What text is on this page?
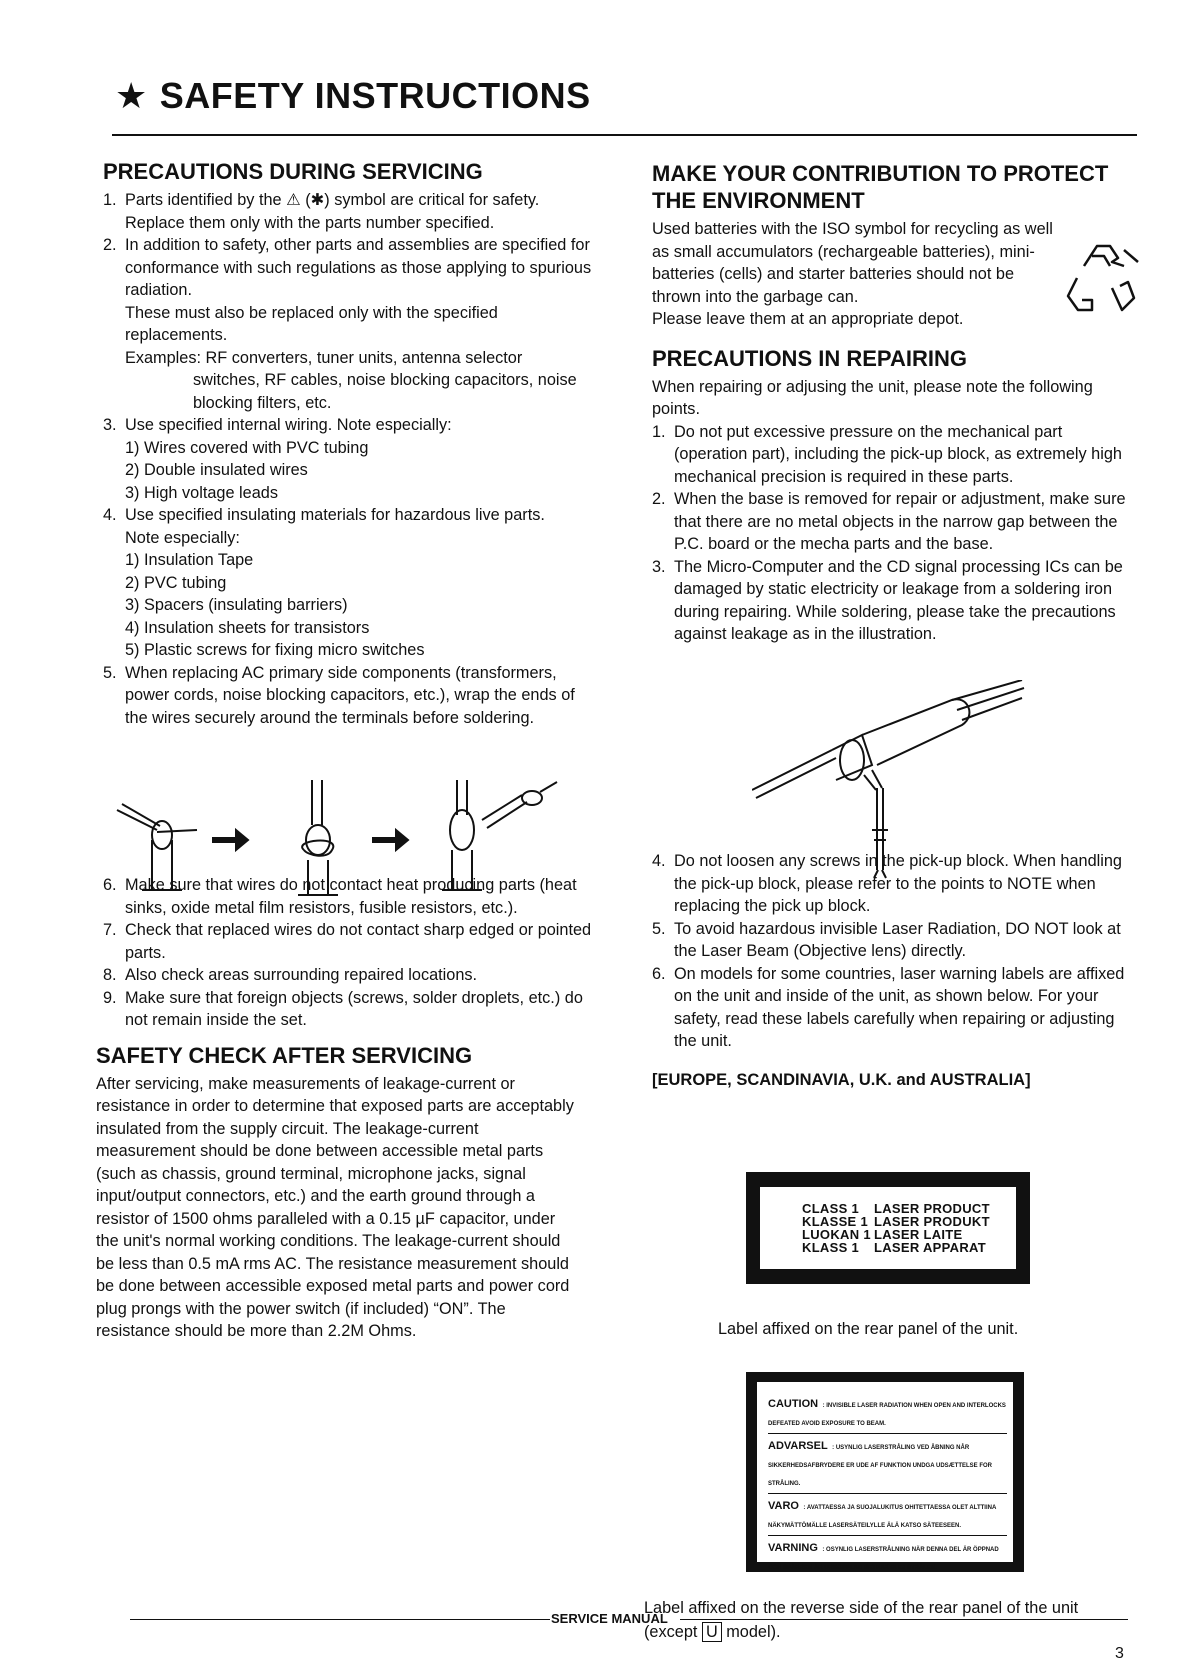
★ SAFETY INSTRUCTIONS
PRECAUTIONS DURING SERVICING
1. Parts identified by the ⚠ (✱) symbol are critical for safety.
Replace them only with the parts number specified.
2. In addition to safety, other parts and assemblies are specified for conformance with such regulations as those applying to spurious radiation.
These must also be replaced only with the specified replacements.
Examples: RF converters, tuner units, antenna selector
switches, RF cables, noise blocking capacitors, noise blocking filters, etc.
3. Use specified internal wiring. Note especially:
1) Wires covered with PVC tubing
2) Double insulated wires
3) High voltage leads
4. Use specified insulating materials for hazardous live parts.
Note especially:
1) Insulation Tape
2) PVC tubing
3) Spacers (insulating barriers)
4) Insulation sheets for transistors
5) Plastic screws for fixing micro switches
5. When replacing AC primary side components (transformers, power cords, noise blocking capacitors, etc.), wrap the ends of the wires securely around the terminals before soldering.
6. Make sure that wires do not contact heat producing parts (heat sinks, oxide metal film resistors, fusible resistors, etc.).
7. Check that replaced wires do not contact sharp edged or pointed parts.
8. Also check areas surrounding repaired locations.
9. Make sure that foreign objects (screws, solder droplets, etc.) do not remain inside the set.
SAFETY CHECK AFTER SERVICING

After servicing, make measurements of leakage-current or resistance in order to determine that exposed parts are acceptably insulated from the supply circuit. The leakage-current measurement should be done between accessible metal parts (such as chassis, ground terminal, microphone jacks, signal input/output connectors, etc.) and the earth ground through a resistor of 1500 ohms paralleled with a 0.15 µF capacitor, under the unit's normal working conditions. The leakage-current should be less than 0.5 mA rms AC. The resistance measurement should be done between accessible exposed metal parts and power cord plug prongs with the power switch (if included) “ON”. The resistance should be more than 2.2M Ohms.

MAKE YOUR CONTRIBUTION TO PROTECT THE ENVIRONMENT

Used batteries with the ISO symbol for recycling as well as small accumulators (rechargeable batteries), mini-batteries (cells) and starter batteries should not be thrown into the garbage can.

Please leave them at an appropriate depot.

PRECAUTIONS IN REPAIRING

When repairing or adjusing the unit, please note the following points.

1. Do not put excessive pressure on the mechanical part (operation part), including the pick-up block, as extremely high mechanical precision is required in these parts.
2. When the base is removed for repair or adjustment, make sure that there are no metal objects in the narrow gap between the P.C. board or the mecha parts and the base.
3. The Micro-Computer and the CD signal processing ICs can be damaged by static electricity or leakage from a soldering iron during repairing. While soldering, please take the precautions against leakage as in the illustration.
4. Do not loosen any screws in the pick-up block. When handling the pick-up block, please refer to the points to NOTE when replacing the pick up block.
5. To avoid hazardous invisible Laser Radiation, DO NOT look at the Laser Beam (Objective lens) directly.
6. On models for some countries, laser warning labels are affixed on the unit and inside of the unit, as shown below. For your safety, read these labels carefully when repairing or adjusting the unit.

[EUROPE, SCANDINAVIA, U.K. and AUSTRALIA]

CLASS 1 LASER PRODUCT
KLASSE 1 LASER PRODUKT
LUOKAN 1 LASER LAITE
KLASS 1 LASER APPARAT
Label affixed on the rear panel of the unit.
CAUTION : INVISIBLE LASER RADIATION WHEN OPEN AND INTERLOCKS DEFEATED AVOID EXPOSURE TO BEAM.
ADVARSEL : USYNLIG LASERSTRÅLING VED ÅBNING NÅR SIKKERHEDSAFBRYDERE ER UDE AF FUNKTION UNDGA UDSÆTTELSE FOR STRÅLING.
VARO : AVATTAESSA JA SUOJALUKITUS OHITETTAESSA OLET ALTTIINA NÄKYMÄTTÖMÄLLE LASERSÄTEILYLLE ÄLÄ KATSO SÄTEESEEN.
VARNING : OSYNLIG LASERSTRÅLNING NÄR DENNA DEL ÄR ÖPPNAD OCH SPÄRREN ÄR URKOPPLAD BETRAKTA EJ STRÅLEN.
Label affixed on the reverse side of the rear panel of the unit
(except U model).
SERVICE MANUAL
3
